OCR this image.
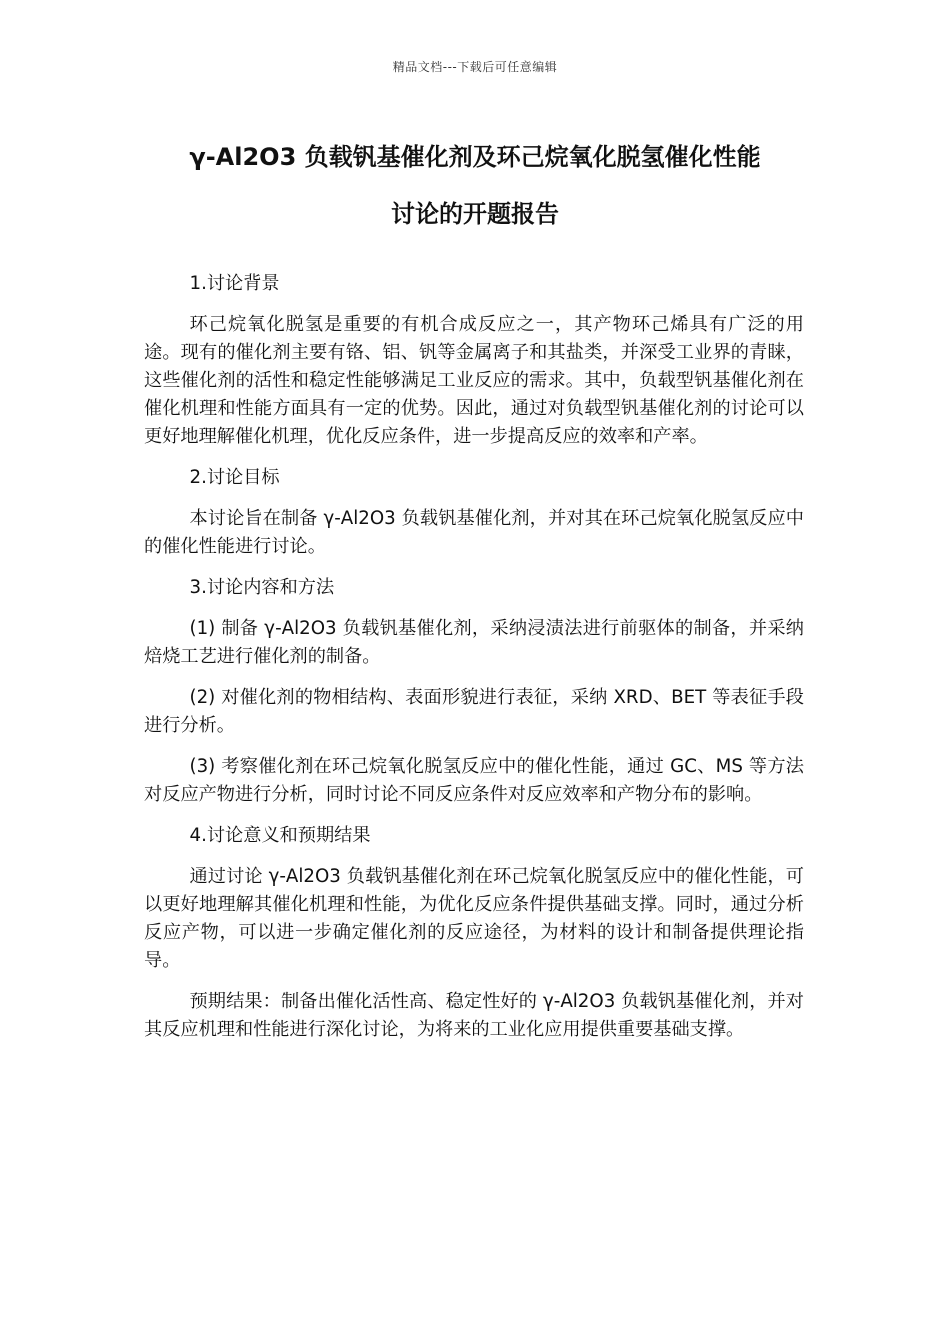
精品文档---下载后可任意编辑
γ-Al2O3 负载钒基催化剂及环己烷氧化脱氢催化性能
讨论的开题报告

1.讨论背景

环己烷氧化脱氢是重要的有机合成反应之一，其产物环己烯具有广泛的用途。现有的催化剂主要有铬、铝、钒等金属离子和其盐类，并深受工业界的青睐，这些催化剂的活性和稳定性能够满足工业反应的需求。其中，负载型钒基催化剂在催化机理和性能方面具有一定的优势。因此，通过对负载型钒基催化剂的讨论可以更好地理解催化机理，优化反应条件，进一步提高反应的效率和产率。

2.讨论目标

本讨论旨在制备 γ-Al2O3 负载钒基催化剂，并对其在环己烷氧化脱氢反应中的催化性能进行讨论。

3.讨论内容和方法

(1) 制备 γ-Al2O3 负载钒基催化剂，采纳浸渍法进行前驱体的制备，并采纳焙烧工艺进行催化剂的制备。

(2) 对催化剂的物相结构、表面形貌进行表征，采纳 XRD、BET 等表征手段进行分析。

(3) 考察催化剂在环己烷氧化脱氢反应中的催化性能，通过 GC、MS 等方法对反应产物进行分析，同时讨论不同反应条件对反应效率和产物分布的影响。

4.讨论意义和预期结果

通过讨论 γ-Al2O3 负载钒基催化剂在环己烷氧化脱氢反应中的催化性能，可以更好地理解其催化机理和性能，为优化反应条件提供基础支撑。同时，通过分析反应产物，可以进一步确定催化剂的反应途径，为材料的设计和制备提供理论指导。

预期结果：制备出催化活性高、稳定性好的 γ-Al2O3 负载钒基催化剂，并对其反应机理和性能进行深化讨论，为将来的工业化应用提供重要基础支撑。
